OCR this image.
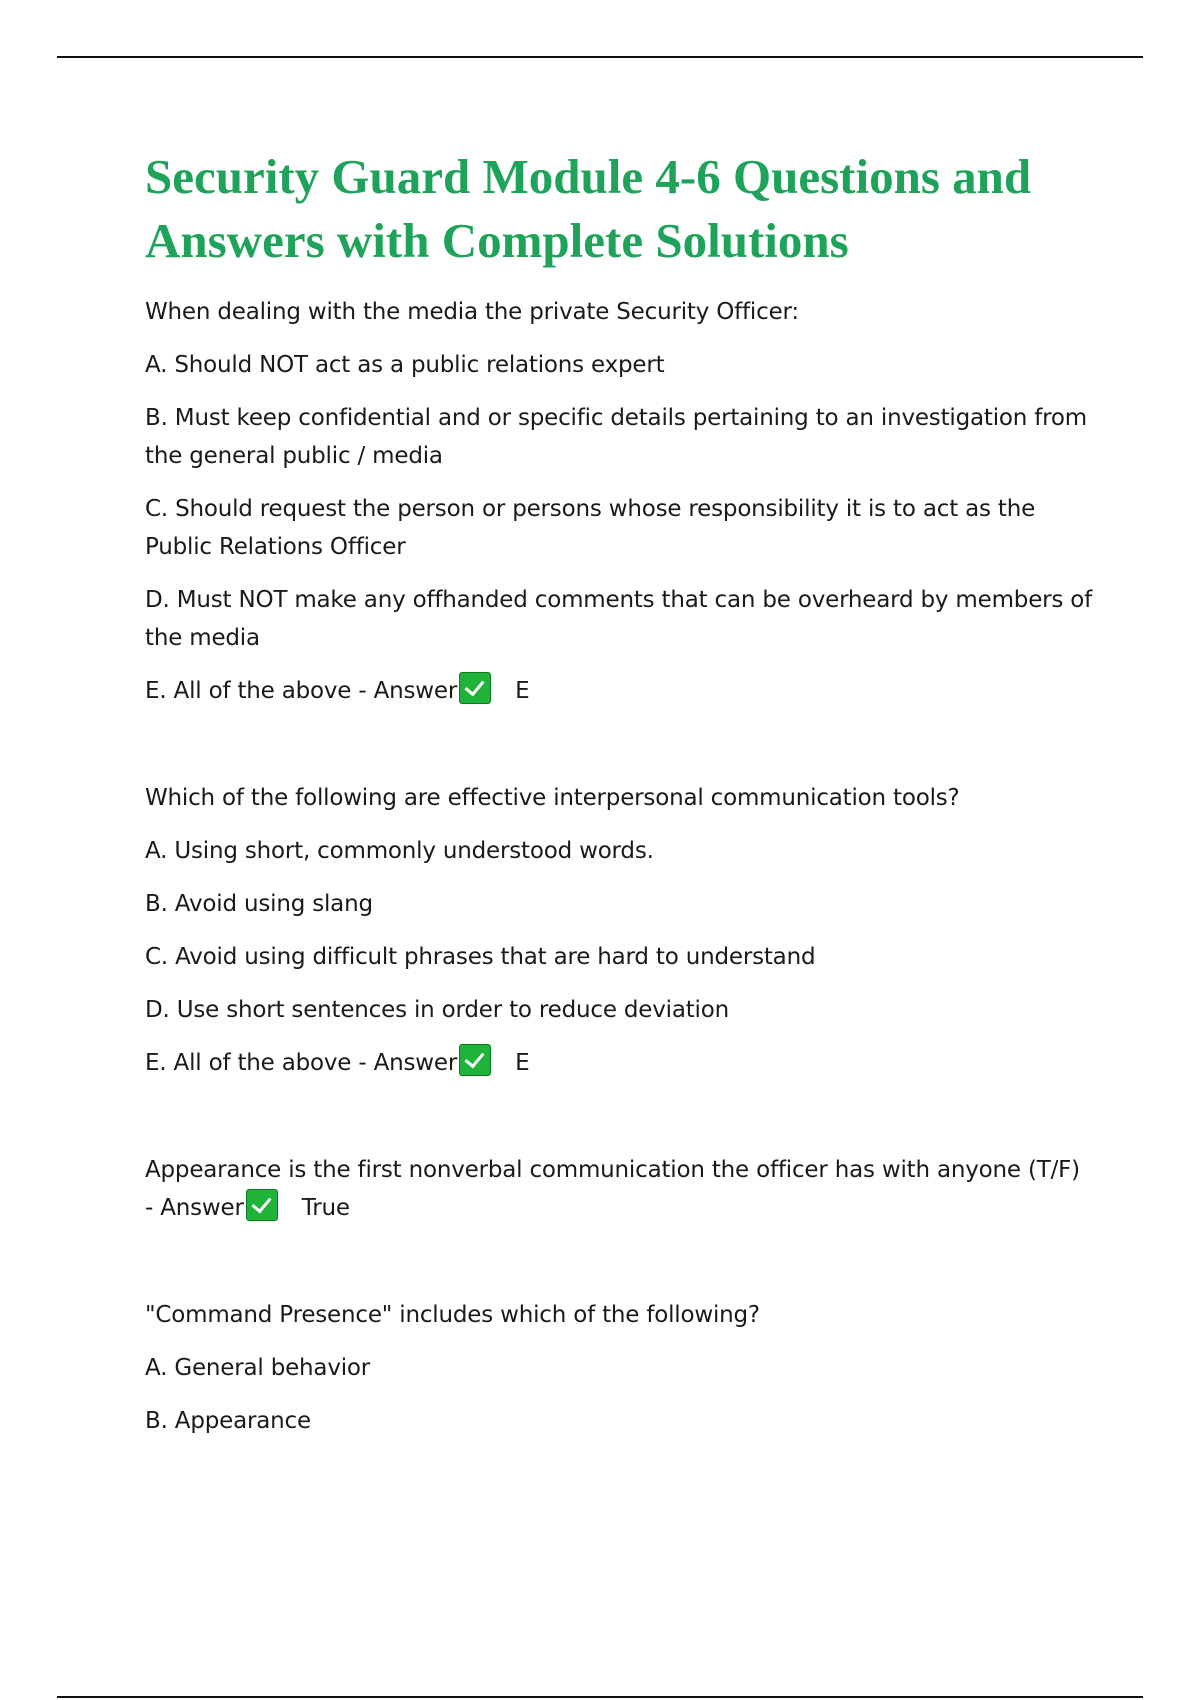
Security Guard Module 4-6 Questions and Answers with Complete Solutions
When dealing with the media the private Security Officer:
A. Should NOT act as a public relations expert
B. Must keep confidential and or specific details pertaining to an investigation from the general public / media
C. Should request the person or persons whose responsibility it is to act as the Public Relations Officer
D. Must NOT make any offhanded comments that can be overheard by members of the media
E. All of the above - Answer	E
Which of the following are effective interpersonal communication tools?
A. Using short, commonly understood words.
B. Avoid using slang
C. Avoid using difficult phrases that are hard to understand
D. Use short sentences in order to reduce deviation
E. All of the above - Answer	E
Appearance is the first nonverbal communication the officer has with anyone (T/F) - Answer	True
"Command Presence" includes which of the following?
A. General behavior
B. Appearance
